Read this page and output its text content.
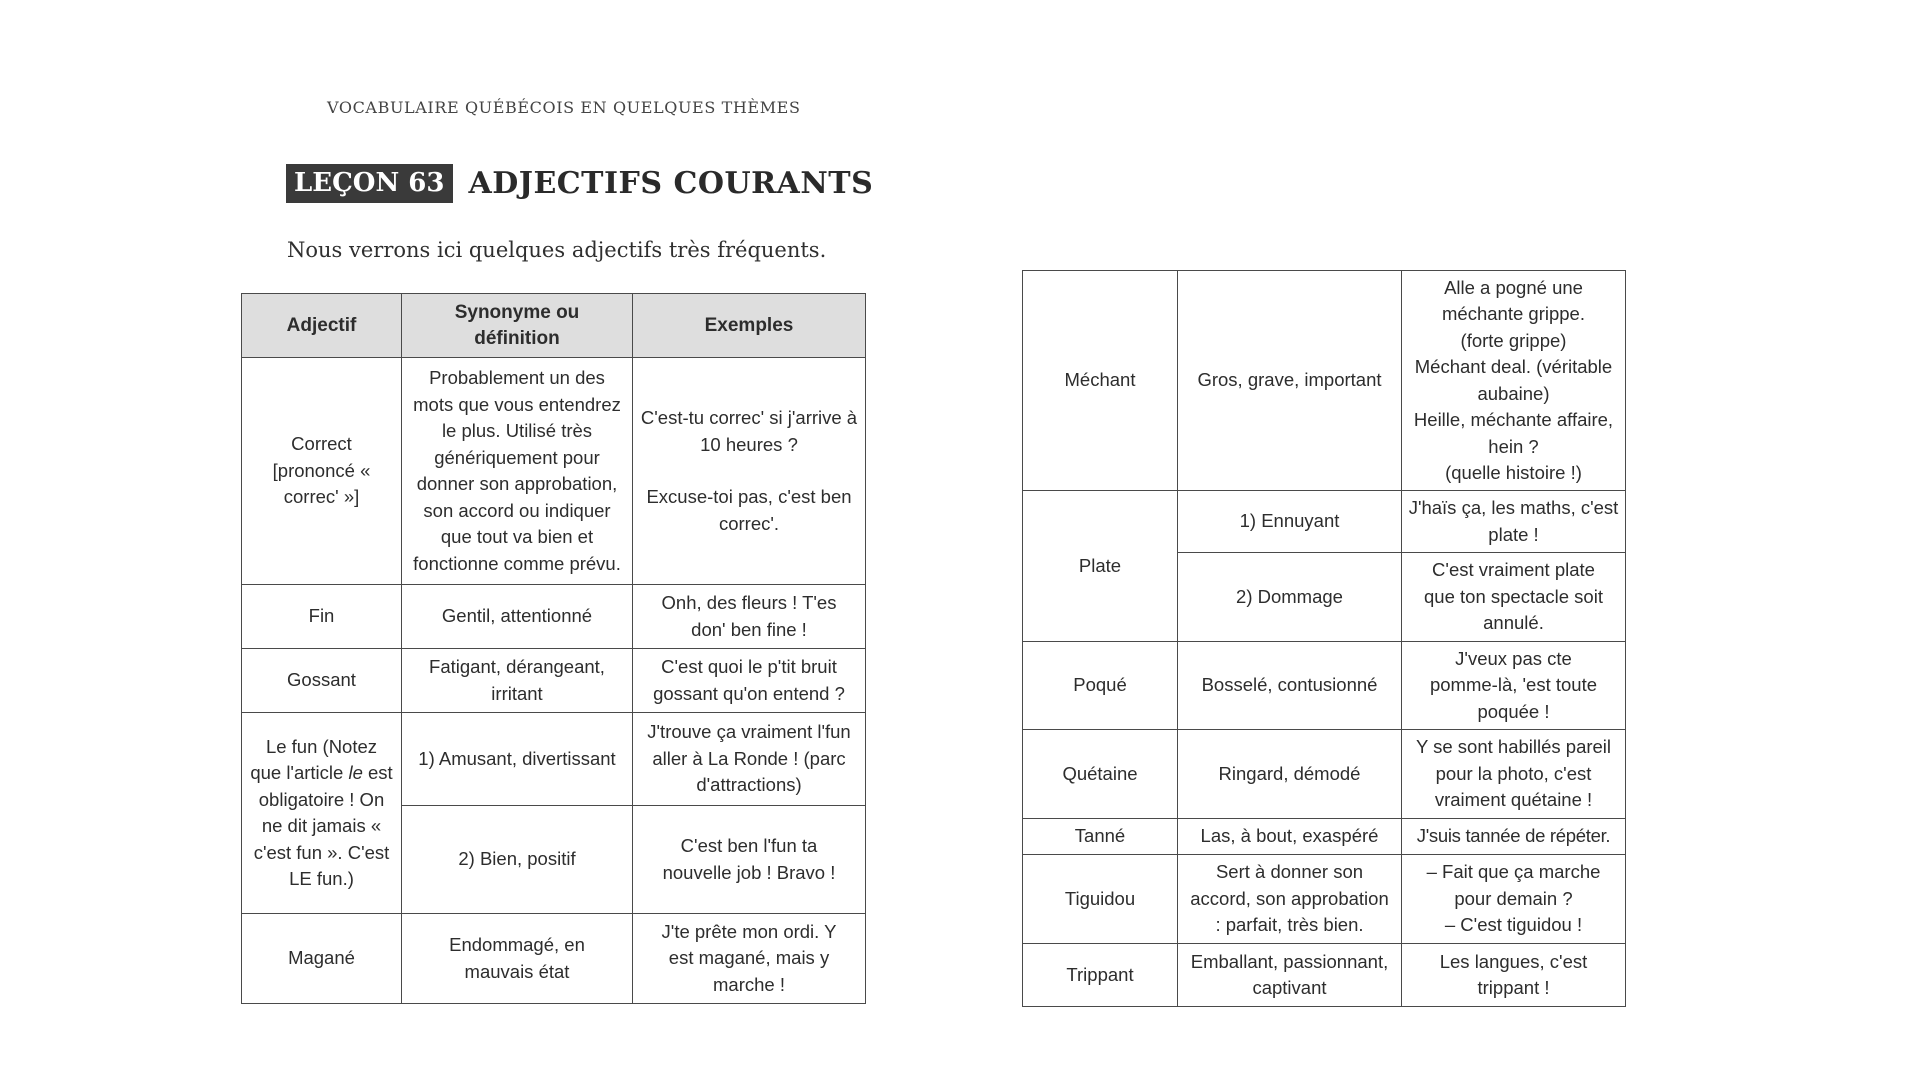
VOCABULAIRE QUÉBÉCOIS EN QUELQUES THÈMES
LEÇON 63 ADJECTIFS COURANTS
Nous verrons ici quelques adjectifs très fréquents.
Adjectif	Synonyme ou définition	Exemples
Correct [prononcé « correc' »]	Probablement un des mots que vous entendrez le plus. Utilisé très génériquement pour donner son approbation, son accord ou indiquer que tout va bien et fonctionne comme prévu.	C'est-tu correc' si j'arrive à 10 heures ?
Excuse-toi pas, c'est ben correc'.

Fin	Gentil, attentionné	Onh, des fleurs ! T'es don' ben fine !
Gossant	Fatigant, dérangeant, irritant	C'est quoi le p'tit bruit gossant qu'on entend ?
Le fun (Notez que l'article le est obligatoire ! On ne dit jamais « c'est fun ». C'est LE fun.)	1) Amusant, divertissant	J'trouve ça vraiment l'fun aller à La Ronde ! (parc d'attractions)
	2) Bien, positif	C'est ben l'fun ta nouvelle job ! Bravo !
Magané	Endommagé, en mauvais état	J'te prête mon ordi. Y est magané, mais y marche !
Méchant	Gros, grave, important	Alle a pogné une méchante grippe. (forte grippe)
Méchant deal. (véritable aubaine)
Heille, méchante affaire, hein ?
(quelle histoire !)

Plate	1) Ennuyant	J'haïs ça, les maths, c'est plate !
	2) Dommage	C'est vraiment plate que ton spectacle soit annulé.
Poqué	Bosselé, contusionné	J'veux pas cte pomme-là, 'est toute poquée !
Quétaine	Ringard, démodé	Y se sont habillés pareil pour la photo, c'est vraiment quétaine !
Tanné	Las, à bout, exaspéré	J'suis tannée de répéter.
Tiguidou	Sert à donner son accord, son approbation : parfait, très bien.	– Fait que ça marche pour demain ?
– C'est tiguidou !

Trippant	Emballant, passionnant, captivant	Les langues, c'est trippant !
